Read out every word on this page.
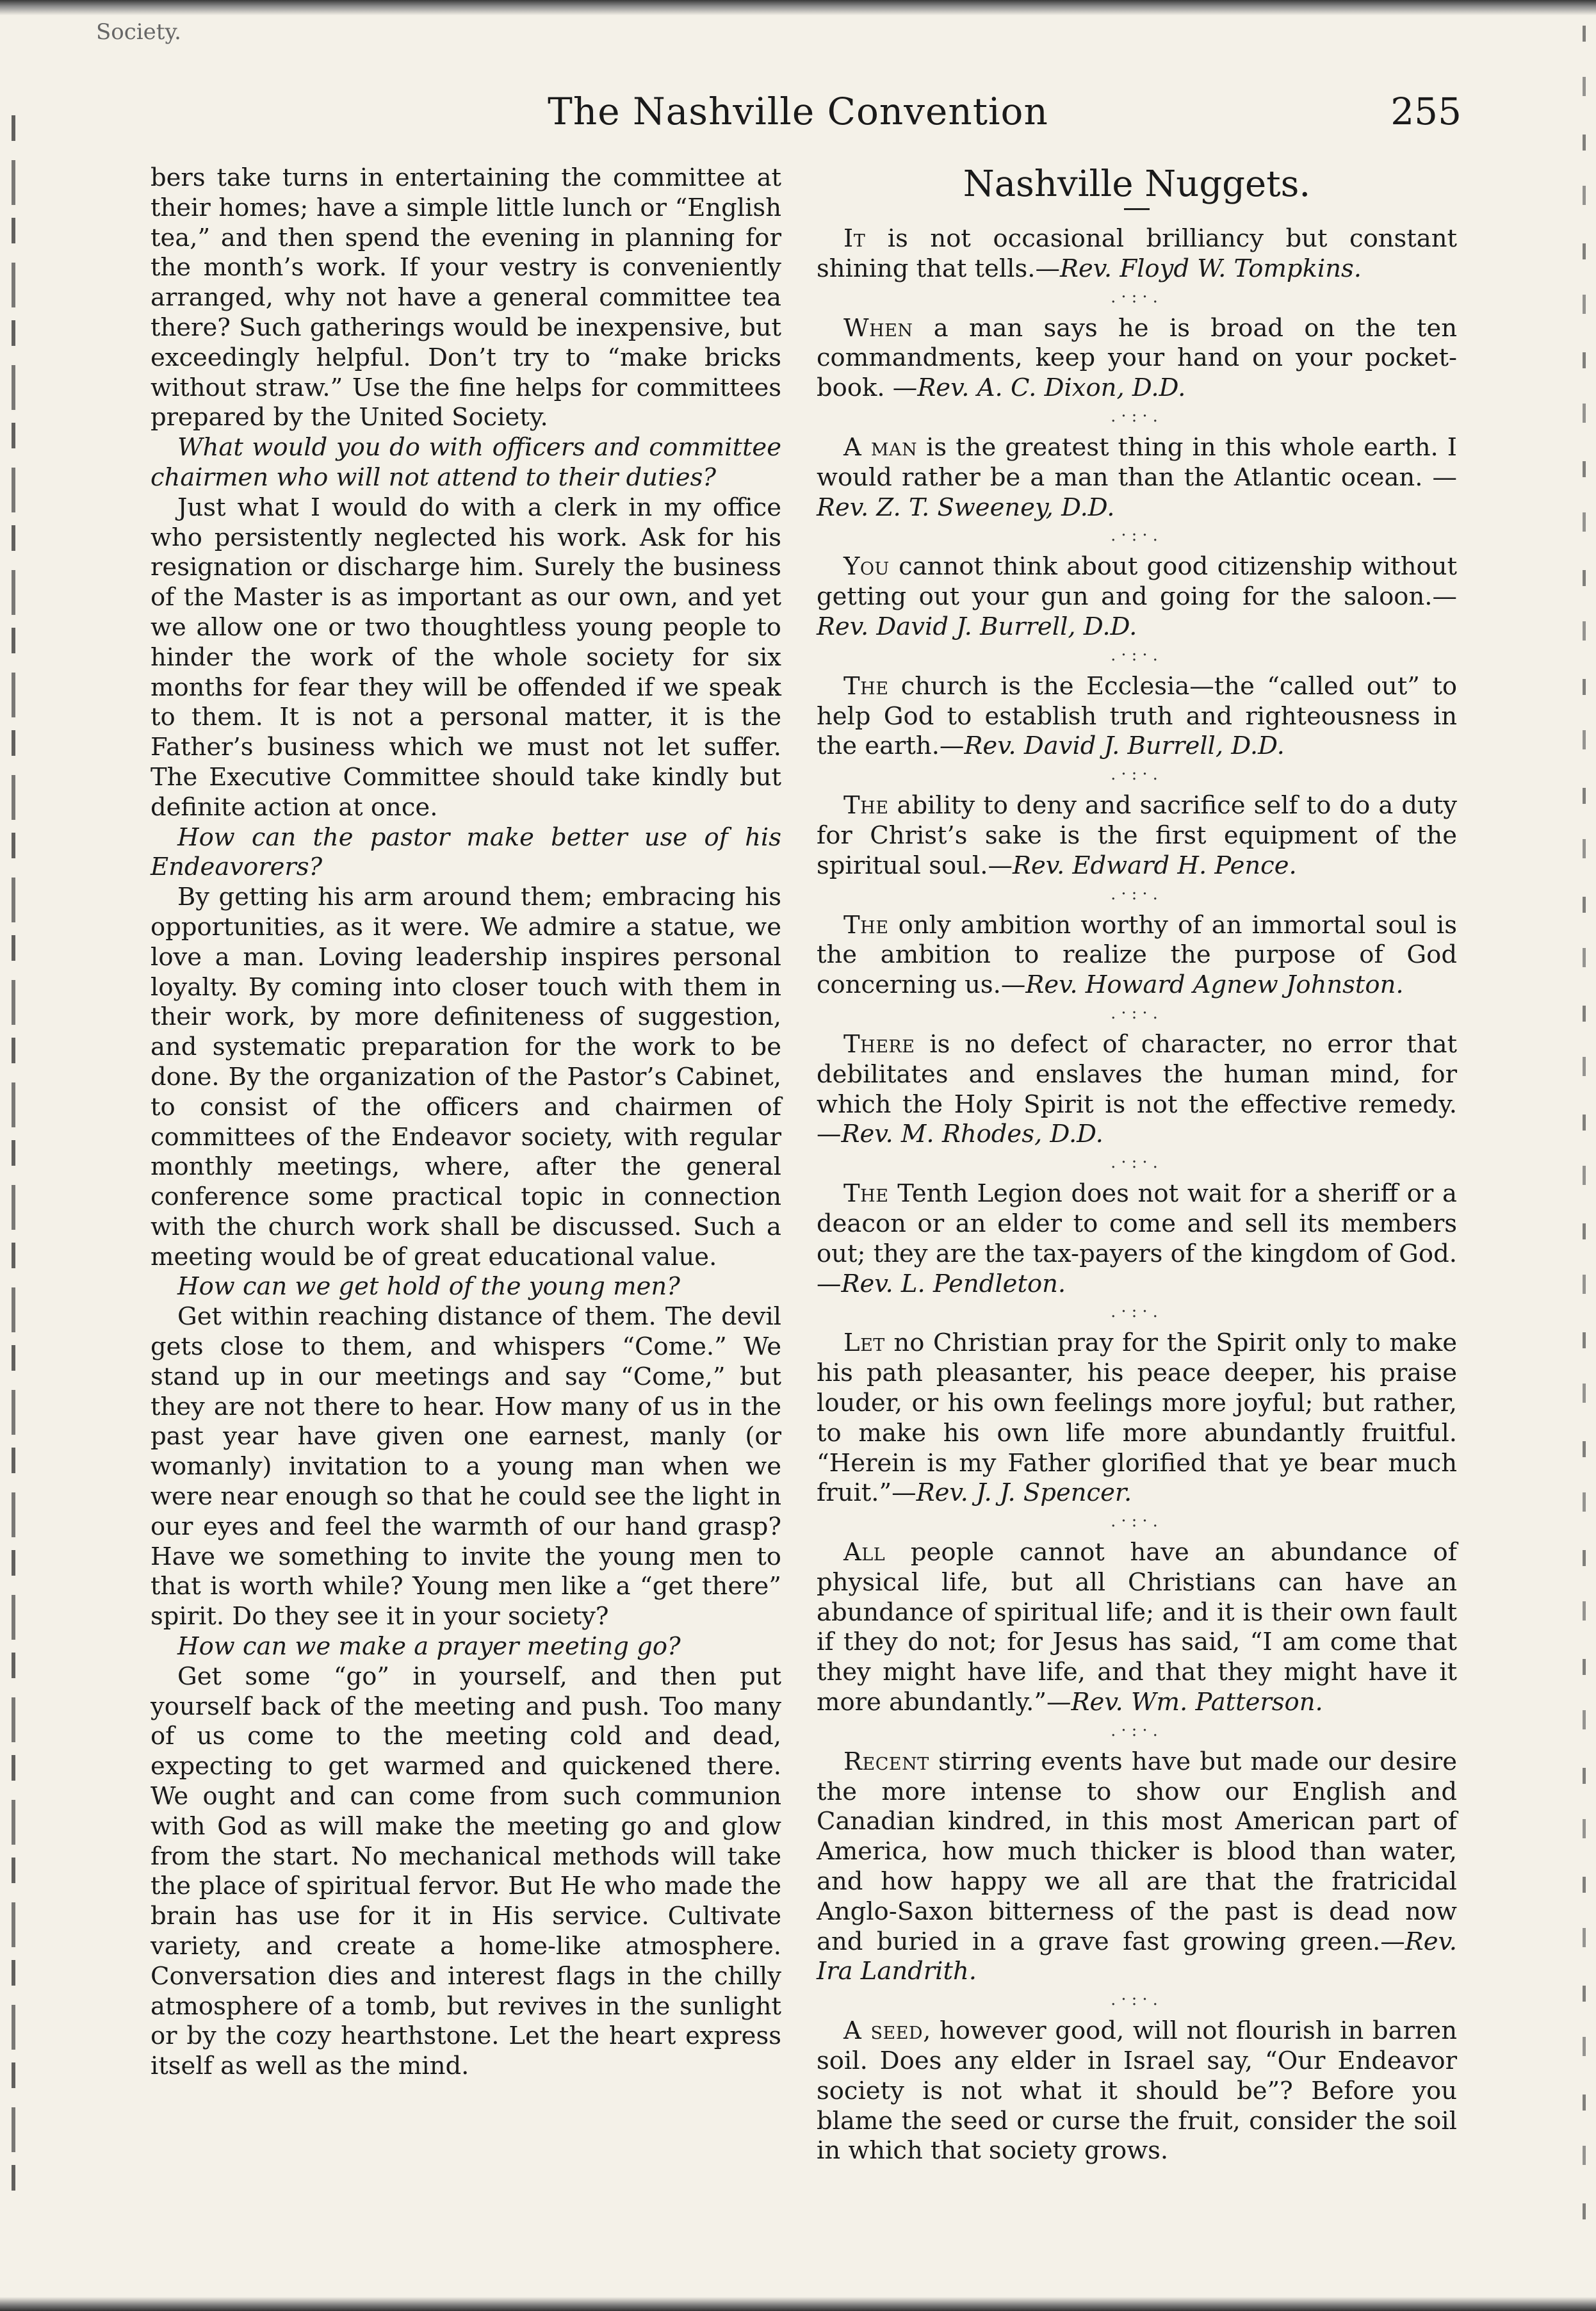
Society.
The Nashville Convention	255

bers take turns in entertaining the committee at their homes; have a simple little lunch or “English tea,” and then spend the evening in planning for the month’s work. If your vestry is conveniently arranged, why not have a general committee tea there? Such gatherings would be inexpensive, but exceedingly helpful. Don’t try to “make bricks without straw.” Use the fine helps for committees prepared by the United Society.

What would you do with officers and committee chairmen who will not attend to their duties?

Just what I would do with a clerk in my office who persistently neglected his work. Ask for his resignation or discharge him. Surely the business of the Master is as important as our own, and yet we allow one or two thoughtless young people to hinder the work of the whole society for six months for fear they will be offended if we speak to them. It is not a personal matter, it is the Father’s business which we must not let suffer. The Executive Committee should take kindly but definite action at once.

How can the pastor make better use of his Endeavorers?

By getting his arm around them; embracing his opportunities, as it were. We admire a statue, we love a man. Loving leadership inspires personal loyalty. By coming into closer touch with them in their work, by more definiteness of suggestion, and systematic preparation for the work to be done. By the organization of the Pastor’s Cabinet, to consist of the officers and chairmen of committees of the Endeavor society, with regular monthly meetings, where, after the general conference some practical topic in connection with the church work shall be discussed. Such a meeting would be of great educational value.

How can we get hold of the young men?

Get within reaching distance of them. The devil gets close to them, and whispers “Come.” We stand up in our meetings and say “Come,” but they are not there to hear. How many of us in the past year have given one earnest, manly (or womanly) invitation to a young man when we were near enough so that he could see the light in our eyes and feel the warmth of our hand grasp? Have we something to invite the young men to that is worth while? Young men like a “get there” spirit. Do they see it in your society?

How can we make a prayer meeting go?

Get some “go” in yourself, and then put yourself back of the meeting and push. Too many of us come to the meeting cold and dead, expecting to get warmed and quickened there. We ought and can come from such communion with God as will make the meeting go and glow from the start. No mechanical methods will take the place of spiritual fervor. But He who made the brain has use for it in His service. Cultivate variety, and create a home-like atmosphere. Conversation dies and interest flags in the chilly atmosphere of a tomb, but revives in the sunlight or by the cozy hearthstone. Let the heart express itself as well as the mind.

Nashville Nuggets.

It is not occasional brilliancy but constant shining that tells.—Rev. Floyd W. Tompkins.

.·:·.

When a man says he is broad on the ten commandments, keep your hand on your pocket-book. —Rev. A. C. Dixon, D.D.

.·:·.

A man is the greatest thing in this whole earth. I would rather be a man than the Atlantic ocean. —Rev. Z. T. Sweeney, D.D.

.·:·.

You cannot think about good citizenship without getting out your gun and going for the saloon.—Rev. David J. Burrell, D.D.

.·:·.

The church is the Ecclesia—the “called out” to help God to establish truth and righteousness in the earth.—Rev. David J. Burrell, D.D.

.·:·.

The ability to deny and sacrifice self to do a duty for Christ’s sake is the first equipment of the spiritual soul.—Rev. Edward H. Pence.

.·:·.

The only ambition worthy of an immortal soul is the ambition to realize the purpose of God concerning us.—Rev. Howard Agnew Johnston.

.·:·.

There is no defect of character, no error that debilitates and enslaves the human mind, for which the Holy Spirit is not the effective remedy. —Rev. M. Rhodes, D.D.

.·:·.

The Tenth Legion does not wait for a sheriff or a deacon or an elder to come and sell its members out; they are the tax-payers of the kingdom of God.—Rev. L. Pendleton.

.·:·.

Let no Christian pray for the Spirit only to make his path pleasanter, his peace deeper, his praise louder, or his own feelings more joyful; but rather, to make his own life more abundantly fruitful. “Herein is my Father glorified that ye bear much fruit.”—Rev. J. J. Spencer.

.·:·.

All people cannot have an abundance of physical life, but all Christians can have an abundance of spiritual life; and it is their own fault if they do not; for Jesus has said, “I am come that they might have life, and that they might have it more abundantly.”—Rev. Wm. Patterson.

.·:·.

Recent stirring events have but made our desire the more intense to show our English and Canadian kindred, in this most American part of America, how much thicker is blood than water, and how happy we all are that the fratricidal Anglo-Saxon bitterness of the past is dead now and buried in a grave fast growing green.—Rev. Ira Landrith.

.·:·.

A seed, however good, will not flourish in barren soil. Does any elder in Israel say, “Our Endeavor society is not what it should be”? Before you blame the seed or curse the fruit, consider the soil in which that society grows.
